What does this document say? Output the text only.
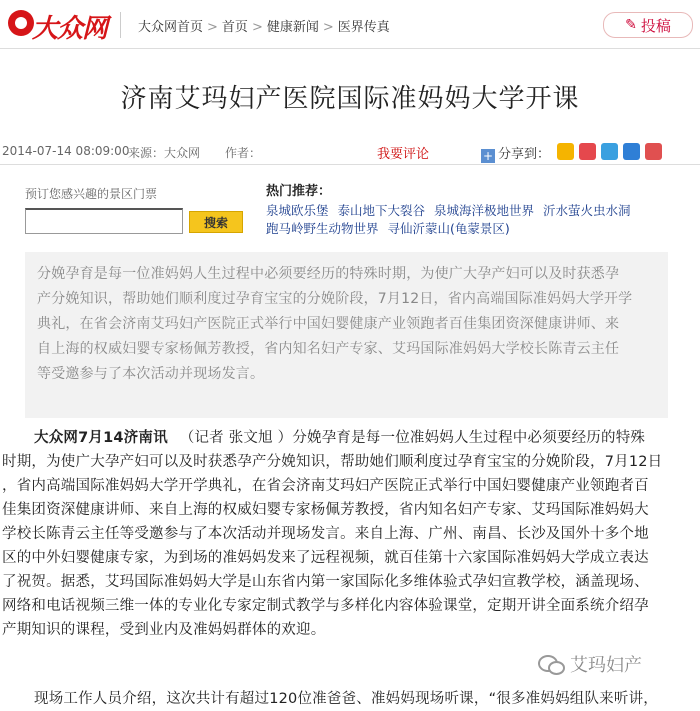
大众网 大众网首页 > 首页 > 健康新闻 > 医界传真	✎ 投稿
济南艾玛妇产医院国际准妈妈大学开课
2014-07-14 08:09:00
来源：大众网 作者：	我要评论	+ 分享到：
预订您感兴趣的景区门票
搜索
热门推荐：
泉城欧乐堡 泰山地下大裂谷 泉城海洋极地世界 沂水萤火虫水洞
跑马岭野生动物世界 寻仙沂蒙山(龟蒙景区)
分娩孕育是每一位准妈妈人生过程中必须要经历的特殊时期，为使广大孕产妇可以及时获悉孕
产分娩知识，帮助她们顺利度过孕育宝宝的分娩阶段，7月12日，省内高端国际准妈妈大学开学
典礼，在省会济南艾玛妇产医院正式举行中国妇婴健康产业领跑者百佳集团资深健康讲师、来
自上海的权威妇婴专家杨佩芳教授，省内知名妇产专家、艾玛国际准妈妈大学校长陈青云主任
等受邀参与了本次活动并现场发言。
大众网7月14济南讯 （记者 张文旭 ）分娩孕育是每一位准妈妈人生过程中必须要经历的特殊
时期，为使广大孕产妇可以及时获悉孕产分娩知识，帮助她们顺利度过孕育宝宝的分娩阶段，7月12日
，省内高端国际准妈妈大学开学典礼，在省会济南艾玛妇产医院正式举行中国妇婴健康产业领跑者百
佳集团资深健康讲师、来自上海的权威妇婴专家杨佩芳教授，省内知名妇产专家、艾玛国际准妈妈大
学校长陈青云主任等受邀参与了本次活动并现场发言。来自上海、广州、南昌、长沙及国外十多个地
区的中外妇婴健康专家，为到场的准妈妈发来了远程视频，就百佳第十六家国际准妈妈大学成立表达
了祝贺。据悉，艾玛国际准妈妈大学是山东省内第一家国际化多维体验式孕妇宣教学校，涵盖现场、
网络和电话视频三维一体的专业化专家定制式教学与多样化内容体验课堂，定期开讲全面系统介绍孕
产期知识的课程，受到业内及准妈妈群体的欢迎。
现场工作人员介绍，这次共计有超过120位准爸爸、准妈妈现场听课，“很多准妈妈组队来听讲，
艾玛妇产
